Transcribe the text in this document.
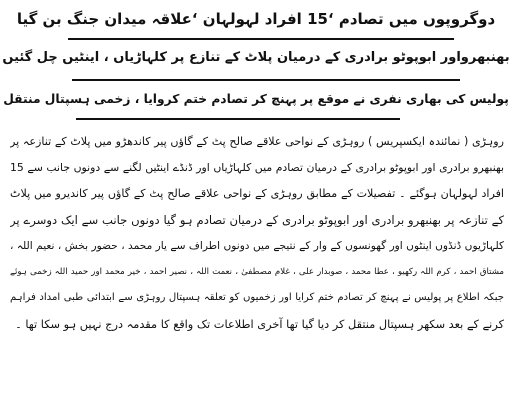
دوگروپوں میں تصادم ‘15 افراد لہولہان ‘علاقہ میدان جنگ بن گیا
بھنبھرواور ابوپوٹو برادری کے درمیان پلاٹ کے تنازع پر کلہاڑیاں ، اینٹیں چل گئیں
پولیس کی بھاری نفری نے موقع پر پہنچ کر تصادم ختم کروایا ، زخمی ہسپتال منتقل
روہڑی ( نمائندہ ایکسپریس ) روہڑی کے نواحی علاقے صالح پٹ کے گاؤں پیر کاندھڑو میں پلاٹ کے تنازعہ پر
بھنبھرو برادری اور ابوپوٹو برادری کے درمیان تصادم میں کلہاڑیاں اور ڈنڈے اینٹیں لگنے سے دونوں جانب سے 15
افراد لہولہان ہوگئے ۔ تفصیلات کے مطابق روہڑی کے نواحی علاقے صالح پٹ کے گاؤں پیر کاندیرو میں پلاٹ
کے تنازعہ پر بھنبھرو برادری اور ابوپوٹو برادری کے درمیان تصادم ہو گیا دونوں جانب سے ایک دوسرے پر
کلہاڑیوں ڈنڈوں اینٹوں اور گھونسوں کے وار کے نتیجے میں دونوں اطراف سے یار محمد ، حضور بخش ، نعیم اللہ ،
مشتاق احمد ، کرم اللہ رکھیو ، عطا محمد ، صوبدار علی ، غلام مصطفیٰ ، نعمت اللہ ، نصیر احمد ، خیر محمد اور حمید اللہ زخمی ہوئے
جبکہ اطلاع پر پولیس نے پہنچ کر تصادم ختم کرایا اور زخمیوں کو تعلقہ ہسپتال روہڑی سے ابتدائی طبی امداد فراہم
کرنے کے بعد سکھر ہسپتال منتقل کر دیا گیا تھا آخری اطلاعات تک واقع کا مقدمہ درج نہیں ہو سکا تھا ۔
